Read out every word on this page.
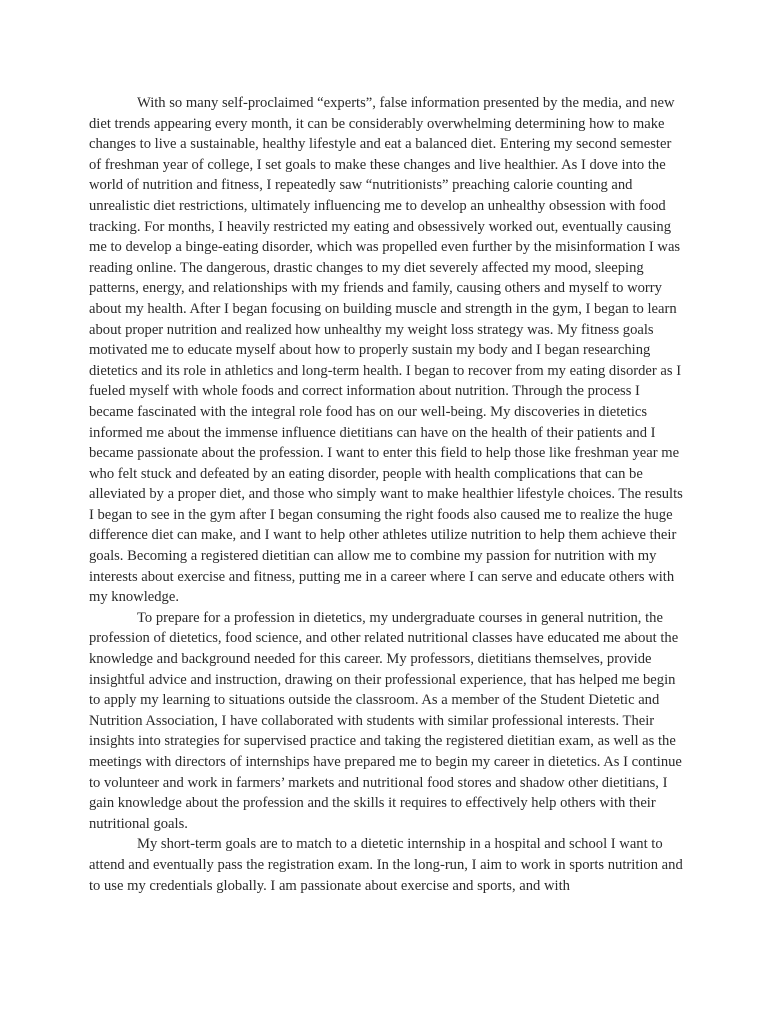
With so many self-proclaimed “experts”, false information presented by the media, and new diet trends appearing every month, it can be considerably overwhelming determining how to make changes to live a sustainable, healthy lifestyle and eat a balanced diet. Entering my second semester of freshman year of college, I set goals to make these changes and live healthier. As I dove into the world of nutrition and fitness, I repeatedly saw “nutritionists” preaching calorie counting and unrealistic diet restrictions, ultimately influencing me to develop an unhealthy obsession with food tracking. For months, I heavily restricted my eating and obsessively worked out, eventually causing me to develop a binge-eating disorder, which was propelled even further by the misinformation I was reading online. The dangerous, drastic changes to my diet severely affected my mood, sleeping patterns, energy, and relationships with my friends and family, causing others and myself to worry about my health. After I began focusing on building muscle and strength in the gym, I began to learn about proper nutrition and realized how unhealthy my weight loss strategy was. My fitness goals motivated me to educate myself about how to properly sustain my body and I began researching dietetics and its role in athletics and long-term health. I began to recover from my eating disorder as I fueled myself with whole foods and correct information about nutrition. Through the process I became fascinated with the integral role food has on our well-being. My discoveries in dietetics informed me about the immense influence dietitians can have on the health of their patients and I became passionate about the profession. I want to enter this field to help those like freshman year me who felt stuck and defeated by an eating disorder, people with health complications that can be alleviated by a proper diet, and those who simply want to make healthier lifestyle choices. The results I began to see in the gym after I began consuming the right foods also caused me to realize the huge difference diet can make, and I want to help other athletes utilize nutrition to help them achieve their goals. Becoming a registered dietitian can allow me to combine my passion for nutrition with my interests about exercise and fitness, putting me in a career where I can serve and educate others with my knowledge.

To prepare for a profession in dietetics, my undergraduate courses in general nutrition, the profession of dietetics, food science, and other related nutritional classes have educated me about the knowledge and background needed for this career. My professors, dietitians themselves, provide insightful advice and instruction, drawing on their professional experience, that has helped me begin to apply my learning to situations outside the classroom. As a member of the Student Dietetic and Nutrition Association, I have collaborated with students with similar professional interests. Their insights into strategies for supervised practice and taking the registered dietitian exam, as well as the meetings with directors of internships have prepared me to begin my career in dietetics. As I continue to volunteer and work in farmers’ markets and nutritional food stores and shadow other dietitians, I gain knowledge about the profession and the skills it requires to effectively help others with their nutritional goals.

My short-term goals are to match to a dietetic internship in a hospital and school I want to attend and eventually pass the registration exam. In the long-run, I aim to work in sports nutrition and to use my credentials globally. I am passionate about exercise and sports, and with
